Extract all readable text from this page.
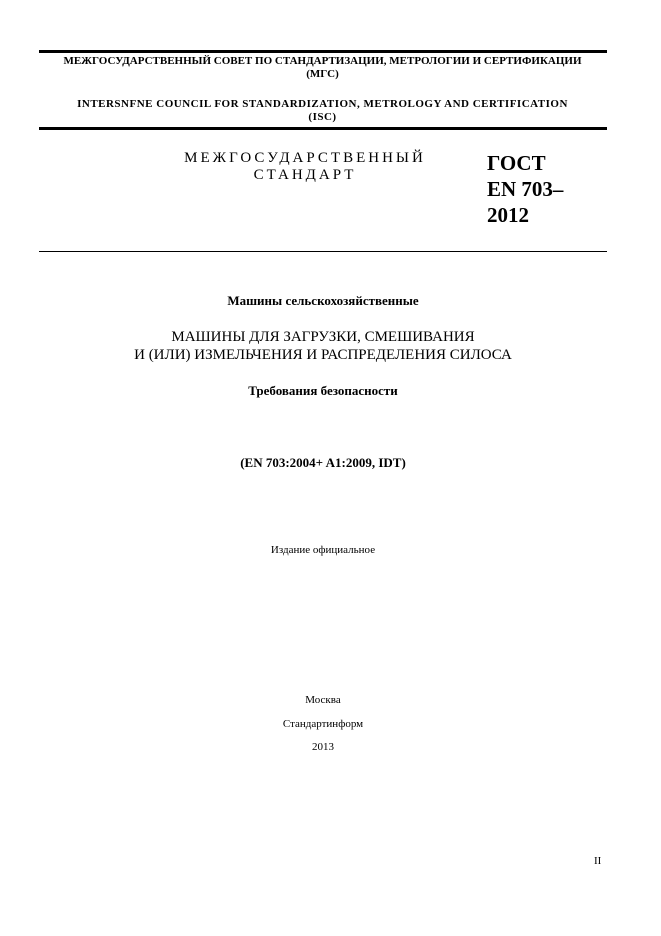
МЕЖГОСУДАРСТВЕННЫЙ СОВЕТ ПО СТАНДАРТИЗАЦИИ, МЕТРОЛОГИИ И СЕРТИФИКАЦИИ
(МГС)
INTERSNFNE COUNCIL FOR STANDARDIZATION, METROLOGY AND CERTIFICATION
(ISC)
МЕЖГОСУДАРСТВЕННЫЙ
СТАНДАРТ	ГОСТ
EN 703–
2012
Машины сельскохозяйственные
МАШИНЫ ДЛЯ ЗАГРУЗКИ, СМЕШИВАНИЯ
И (ИЛИ) ИЗМЕЛЬЧЕНИЯ И РАСПРЕДЕЛЕНИЯ СИЛОСА
Требования безопасности
(EN 703:2004+ A1:2009, IDT)
Издание официальное
Москва
Стандартинформ
2013
II
